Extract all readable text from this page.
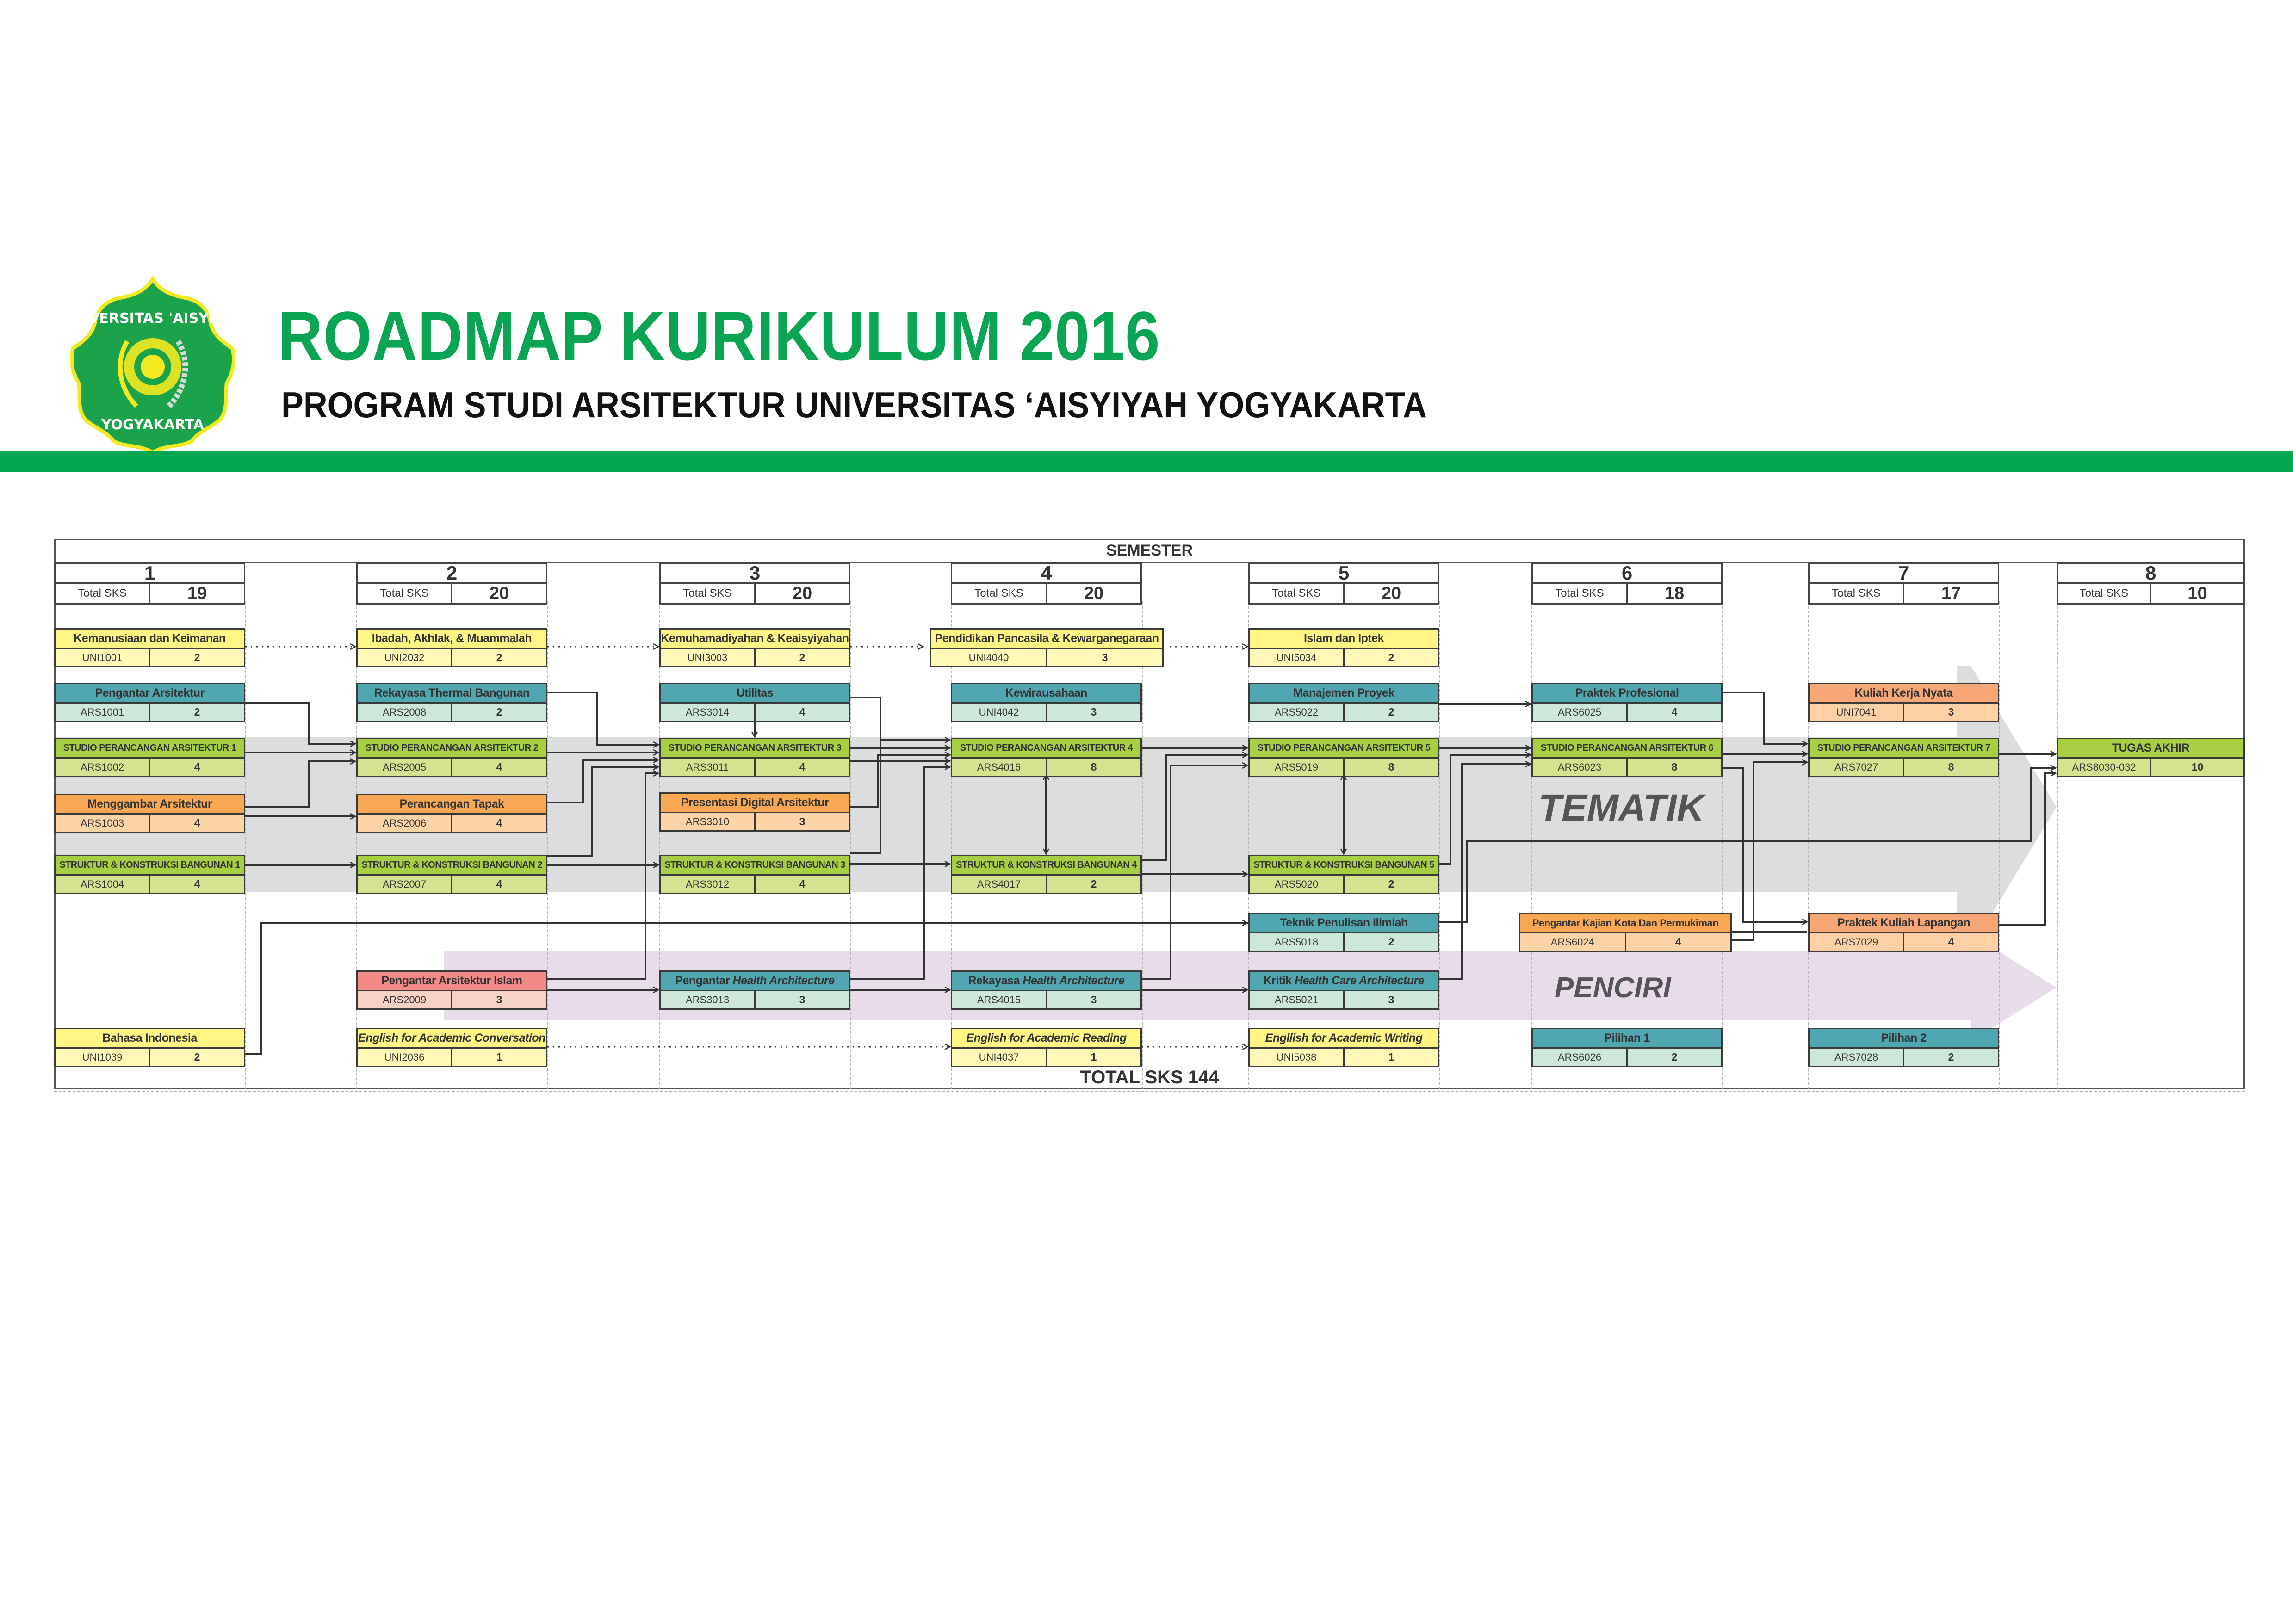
UNIVERSITAS 'AISYIYAH
YOGYAKARTA
ROADMAP KURIKULUM 2016
PROGRAM STUDI ARSITEKTUR UNIVERSITAS ‘AISYIYAH YOGYAKARTA
TEMATIK
PENCIRI
SEMESTER
1
Total SKS	19
2
Total SKS	20
3
Total SKS	20
4
Total SKS	20
5
Total SKS	20
6
Total SKS	18
7
Total SKS	17
8
Total SKS	10
Kemanusiaan dan Keimanan
UNI1001	2
Pengantar Arsitektur
ARS1001	2
STUDIO PERANCANGAN ARSITEKTUR 1
ARS1002	4
Menggambar Arsitektur
ARS1003	4
STRUKTUR & KONSTRUKSI BANGUNAN 1
ARS1004	4
Bahasa Indonesia
UNI1039	2
Ibadah, Akhlak, & Muammalah
UNI2032	2
Rekayasa Thermal Bangunan
ARS2008	2
STUDIO PERANCANGAN ARSITEKTUR 2
ARS2005	4
Perancangan Tapak
ARS2006	4
STRUKTUR & KONSTRUKSI BANGUNAN 2
ARS2007	4
Pengantar Arsitektur Islam
ARS2009	3
English for Academic Conversation
UNI2036	1
Kemuhamadiyahan & Keaisyiyahan
UNI3003	2
Utilitas
ARS3014	4
STUDIO PERANCANGAN ARSITEKTUR 3
ARS3011	4
Presentasi Digital Arsitektur
ARS3010	3
STRUKTUR & KONSTRUKSI BANGUNAN 3
ARS3012	4
Pengantar Health Architecture
ARS3013	3
Pendidikan Pancasila & Kewarganegaraan
UNI4040	3
Kewirausahaan
UNI4042	3
STUDIO PERANCANGAN ARSITEKTUR 4
ARS4016	8
STRUKTUR & KONSTRUKSI BANGUNAN 4
ARS4017	2
Rekayasa Health Architecture
ARS4015	3
English for Academic Reading
UNI4037	1
Islam dan Iptek
UNI5034	2
Manajemen Proyek
ARS5022	2
STUDIO PERANCANGAN ARSITEKTUR 5
ARS5019	8
STRUKTUR & KONSTRUKSI BANGUNAN 5
ARS5020	2
Teknik Penulisan Ilimiah
ARS5018	2
Kritik Health Care Architecture
ARS5021	3
Engllish for Academic Writing
UNI5038	1
Praktek Profesional
ARS6025	4
STUDIO PERANCANGAN ARSITEKTUR 6
ARS6023	8
Pengantar Kajian Kota Dan Permukiman
ARS6024	4
Pilihan 1
ARS6026	2
Kuliah Kerja Nyata
UNI7041	3
STUDIO PERANCANGAN ARSITEKTUR 7
ARS7027	8
Praktek Kuliah Lapangan
ARS7029	4
Pilihan 2
ARS7028	2
TUGAS AKHIR
ARS8030-032	10
TOTAL SKS 144
